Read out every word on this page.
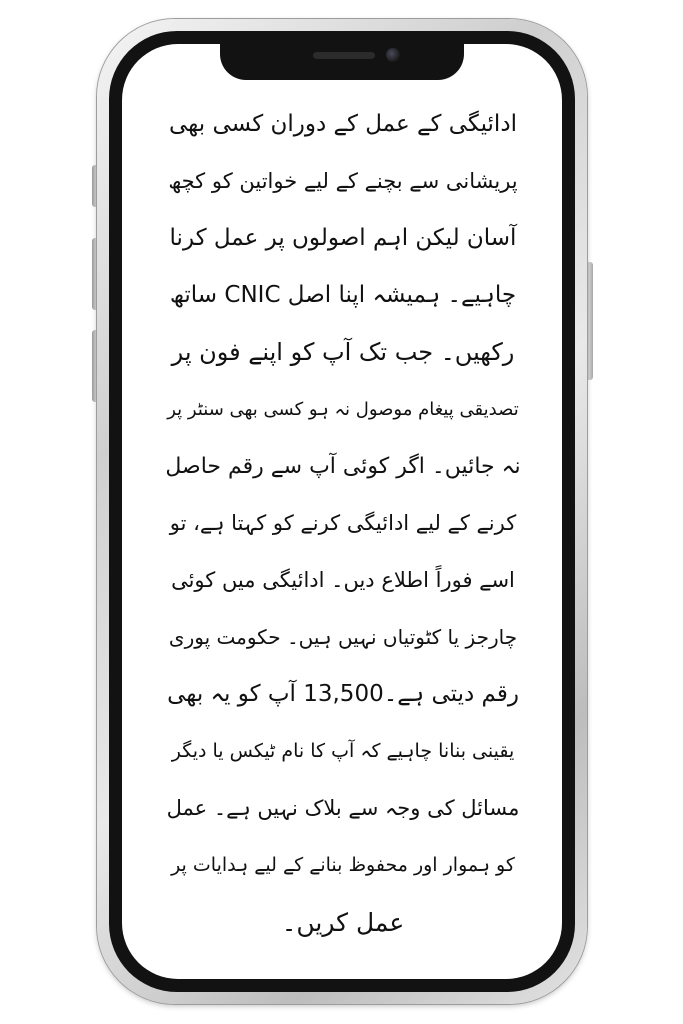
ادائیگی کے عمل کے دوران کسی بھی
پریشانی سے بچنے کے لیے خواتین کو کچھ
آسان لیکن اہم اصولوں پر عمل کرنا
چاہیے۔ ہمیشہ اپنا اصل CNIC ساتھ
رکھیں۔ جب تک آپ کو اپنے فون پر
تصدیقی پیغام موصول نہ ہو کسی بھی سنٹر پر
نہ جائیں۔ اگر کوئی آپ سے رقم حاصل
کرنے کے لیے ادائیگی کرنے کو کہتا ہے، تو
اسے فوراً اطلاع دیں۔ ادائیگی میں کوئی
چارجز یا کٹوتیاں نہیں ہیں۔ حکومت پوری
رقم دیتی ہے۔13,500 آپ کو یہ بھی
یقینی بنانا چاہیے کہ آپ کا نام ٹیکس یا دیگر
مسائل کی وجہ سے بلاک نہیں ہے۔ عمل
کو ہموار اور محفوظ بنانے کے لیے ہدایات پر
عمل کریں۔
